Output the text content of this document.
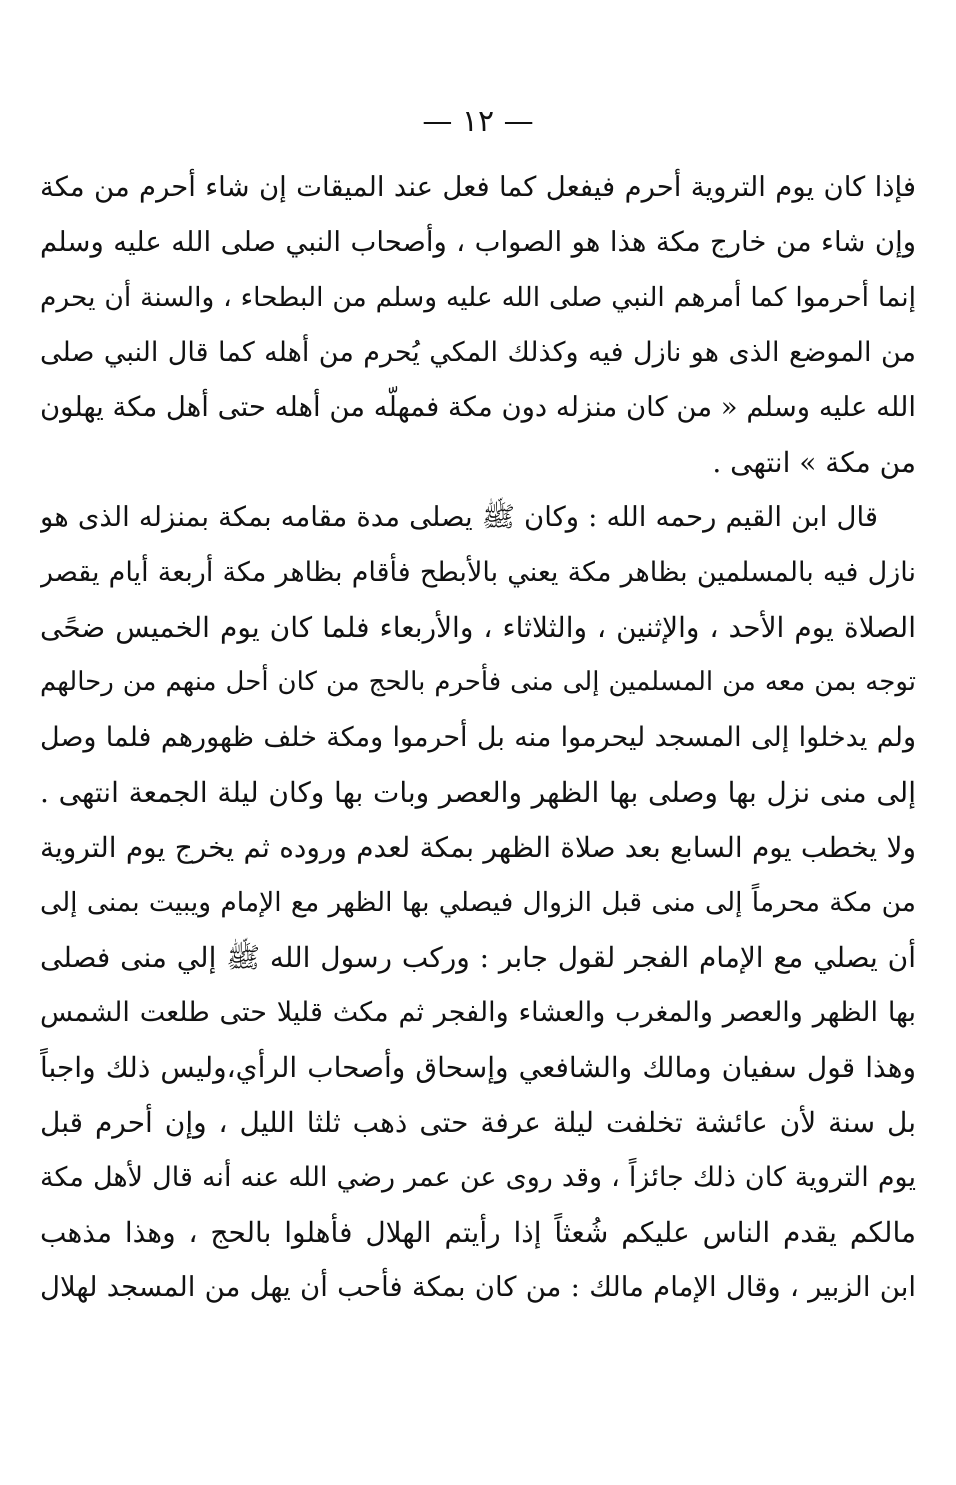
— ١٢ —
فإذا كان يوم التروية أحرم فيفعل كما فعل عند الميقات إن شاء أحرم من مكة
وإن شاء من خارج مكة هذا هو الصواب ، وأصحاب النبي صلى الله عليه وسلم
إنما أحرموا كما أمرهم النبي صلى الله عليه وسلم من البطحاء ، والسنة أن يحرم
من الموضع الذى هو نازل فيه وكذلك المكي يُحرم من أهله كما قال النبي صلى
الله عليه وسلم « من كان منزله دون مكة فمهلّه من أهله حتى أهل مكة يهلون
من مكة » انتهى .
قال ابن القيم رحمه الله : وكان ﷺ يصلى مدة مقامه بمكة بمنزله الذى هو
نازل فيه بالمسلمين بظاهر مكة يعني بالأبطح فأقام بظاهر مكة أربعة أيام يقصر
الصلاة يوم الأحد ، والإثنين ، والثلاثاء ، والأربعاء فلما كان يوم الخميس ضحًى
توجه بمن معه من المسلمين إلى منى فأحرم بالحج من كان أحل منهم من رحالهم
ولم يدخلوا إلى المسجد ليحرموا منه بل أحرموا ومكة خلف ظهورهم فلما وصل
إلى منى نزل بها وصلى بها الظهر والعصر وبات بها وكان ليلة الجمعة انتهى .
ولا يخطب يوم السابع بعد صلاة الظهر بمكة لعدم وروده ثم يخرج يوم التروية
من مكة محرماً إلى منى قبل الزوال فيصلي بها الظهر مع الإمام ويبيت بمنى إلى
أن يصلي مع الإمام الفجر لقول جابر : وركب رسول الله ﷺ إلي منى فصلى
بها الظهر والعصر والمغرب والعشاء والفجر ثم مكث قليلا حتى طلعت الشمس
وهذا قول سفيان ومالك والشافعي وإسحاق وأصحاب الرأي،وليس ذلك واجباً
بل سنة لأن عائشة تخلفت ليلة عرفة حتى ذهب ثلثا الليل ، وإن أحرم قبل
يوم التروية كان ذلك جائزاً ، وقد روى عن عمر رضي الله عنه أنه قال لأهل مكة
مالكم يقدم الناس عليكم شُعثاً إذا رأيتم الهلال فأهلوا بالحج ، وهذا مذهب
ابن الزبير ، وقال الإمام مالك : من كان بمكة فأحب أن يهل من المسجد لهلال
